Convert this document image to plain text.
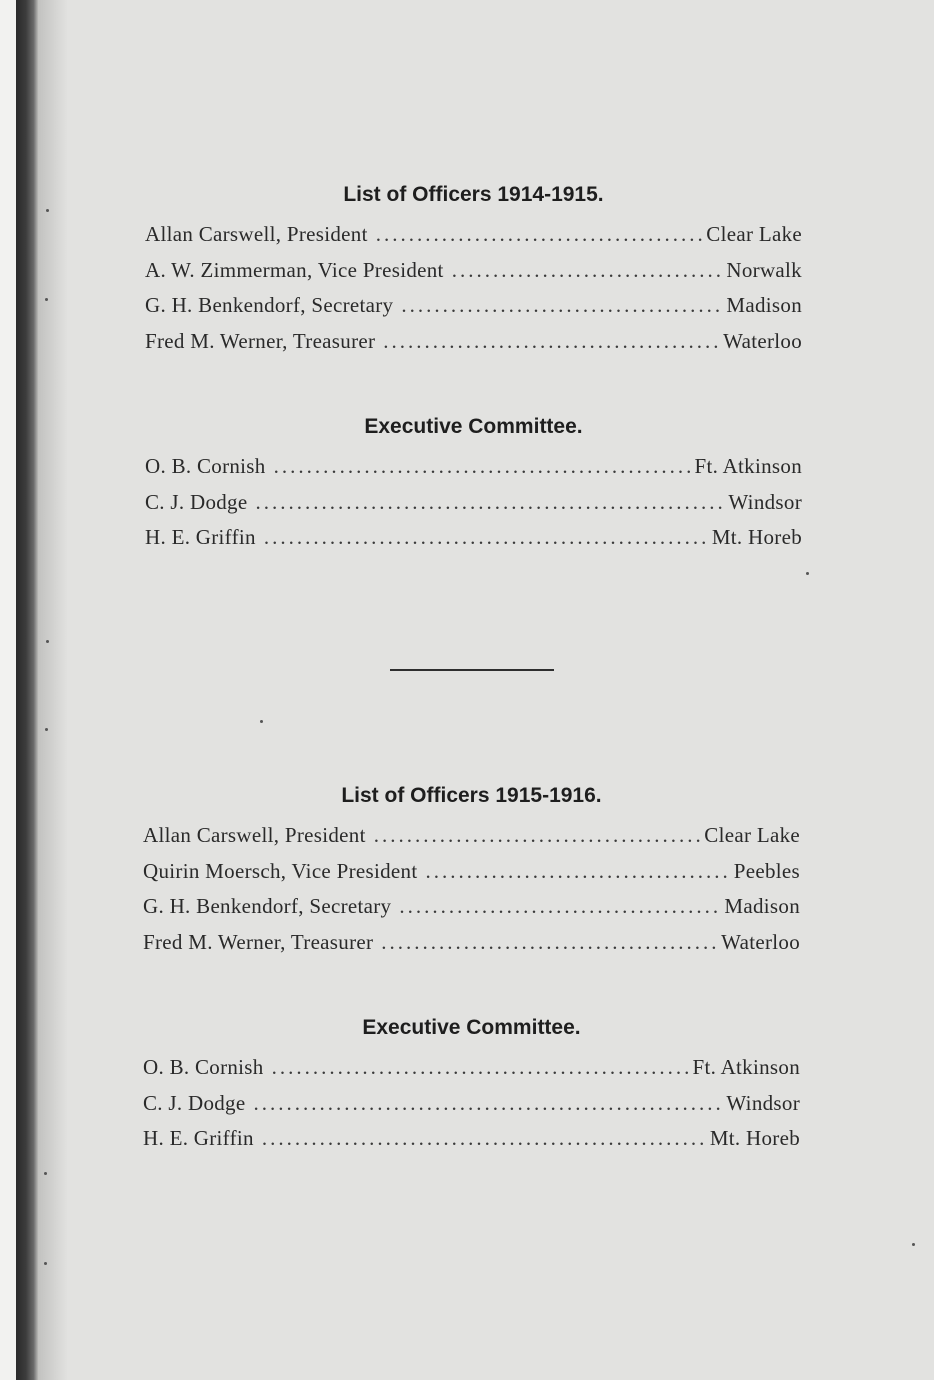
List of Officers 1914-1915.
Allan Carswell, President .....	Clear Lake
A. W. Zimmerman, Vice President .....	Norwalk
G. H. Benkendorf, Secretary .....	Madison
Fred M. Werner, Treasurer .....	Waterloo
Executive Committee.
O. B. Cornish .....	Ft. Atkinson
C. J. Dodge .....	Windsor
H. E. Griffin .....	Mt. Horeb
List of Officers 1915-1916.
Allan Carswell, President .....	Clear Lake
Quirin Moersch, Vice President .....	Peebles
G. H. Benkendorf, Secretary .....	Madison
Fred M. Werner, Treasurer .....	Waterloo
Executive Committee.
O. B. Cornish .....	Ft. Atkinson
C. J. Dodge .....	Windsor
H. E. Griffin .....	Mt. Horeb
